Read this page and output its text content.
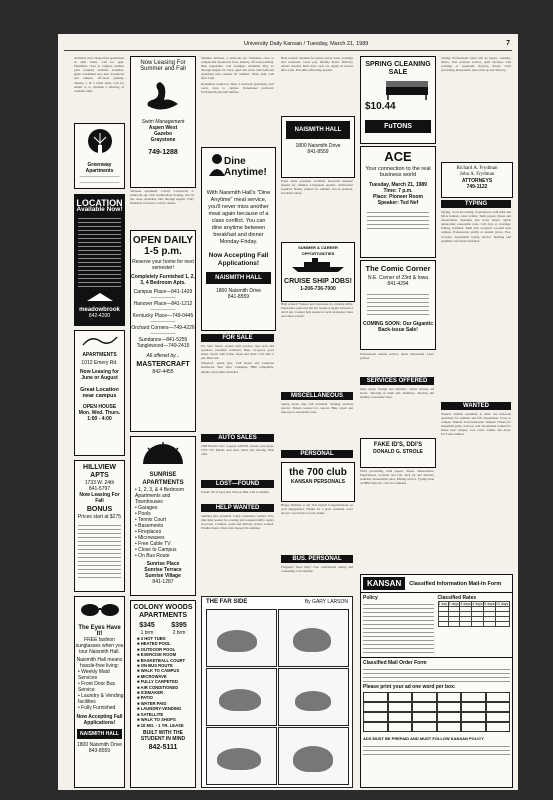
University Daily Kansan / Tuesday, March 21, 1989	7

Available Now. Renovated apartments in older home. Call for appt. Furnished, close to campus, utilities paid. Laundry facilities available. Quiet residential area near downtown and campus, off-street parking. Studios, 1 & 2 bdrm units. Call for details or to schedule a showing of available units.

Greenway Apartments
————————
————————
LOCATION
Available Now!
meadowbrook
842-4200
APARTMENTS
1012 Emery Rd.
Now Leasing for June or August
Great Location near campus
OPEN HOUSE
Mon. Wed. Thurs.
1:00 - 4:00
HILLVIEW APTS
1733 W. 24th
841-5797
Now Leasing For Fall
BONUS
Prices start at $275
The Eyes Have It!
FREE fashion sunglasses when you tour Naismith Hall.
Naismith Hall means hassle-free living:
• Weekly Maid Services
• Front Door Bus Service
• Laundry & Vending facilities
• Fully Furnished
Now Accepting Fall Applications!
NAISMITH HALL
1800 Naismith Drive
843-8559
Now Leasing For Summer and Fall
Swim Management
Aspen West
Gazebo
Graystone
749-1288

Sublease apartment. Luxury 2-bedroom, 2-bathroom apt. with washer/dryer hookup, and on bus route. Available June through August. Fully furnished if desired. Call for details.

OPEN DAILY 1-5 p.m.
Reserve your home for next semester!
Completely Furnished 1, 2, 3, 4 Bedroom Apts.
Campus Place—841-1429
—————
Hanover Place—841-1212
—————
Kentucky Place—749-0445
—————
Orchard Corners—749-4226
—————
Sundance—841-5255
Tanglewood—749-2415
All offered by...
MASTERCRAFT
842-4455
SUNRISE APARTMENTS
• 1, 2, 3, & 4 Bedroom Apartments and Townhouses
• Garages
• Pools
• Tennis Court
• Basements
• Fireplaces
• Microwaves
• Free Cable TV
• Close to Campus
• On Bus Route
Sunrise Place
Sunrise Terrace
Sunrise Village
841-1287
COLONY WOODS APARTMENTS
$345
1 brm
$395
2 brm
■ 3 HOT TUBS
■ HEATED POOL
■ OUTDOOR POOL
■ EXERCISE ROOM
■ BASKETBALL COURT
■ ON BUS ROUTE
■ WALK TO CAMPUS
■ MICROWAVE
■ FULLY CARPETED
■ AIR CONDITIONED
■ ICEMAKER
■ PATIO
■ WATER PAID
■ LAUNDRY-VENDING
■ SATELLITE
■ WALK TO SHOPS
■ 10 MO. - 1 YR. LEASE
BUILT WITH THE STUDENT IN MIND
842-5111

Summer sublease. 2 bedroom apt. furnished, close to campus and downtown. Pool, laundry, off-street parking. Rent negotiable. Call evenings. Available May 15 through August 1st. Nice, quiet and clean. One bedroom apartment near campus for summer. Water paid. Call after 5 pm.

Roommate wanted to share 2 bedroom apartment, own room, close to campus. Nonsmoker preferred. $150/month plus half utilities.

Dine Anytime!
With Naismith Hall's "Dine Anytime" meal service, you'll never miss another meal again because of a class conflict. You can dine anytime between breakfast and dinner Monday-Friday.
Now Accepting Fall Applications!
NAISMITH HALL
1800 Naismith Drive
841-8559
FOR SALE

For Sale: Stereo system with receiver, tape deck and speakers, excellent condition. Bike, 10-speed, good shape. Futon with frame. Desk and chair. Call after 6 pm. Must sell.

Waterbed, queen size, with heater and bookcase headboard. Best offer. Computer, IBM compatible, monitor and printer included.

AUTO SALES

1982 Honda Civic, 5-speed, AM/FM cassette, runs great. 1979 VW Rabbit, new tires. Must sell, moving. Best offer.

LOST—FOUND

Found: Set of keys near Wescoe Hall. Call to identify.

HELP WANTED

Summer jobs available. Camp counselors wanted. Part-time help needed for evening and weekend shifts. Apply in person. Cashiers, cooks and delivery drivers wanted. Flexible hours. Earn extra money this summer.

Help wanted: Students for phone survey work, evenings and weekends. Good pay, flexible hours. Delivery drivers needed, must have own car. Apply in person after 4 pm. Part-time office help needed.

NAISMITH HALL
1800 Naismith Drive
841-8559

Work study positions available. Research assistant needed for summer. Lifeguards needed, certification required. Nanny wanted for summer, live-in position. Excellent salary.

SUMMER & CAREER OPPORTUNITIES
CRUISE SHIP JOBS!
1-206-736-7000

Help wanted: Waiters and waitresses for evening shifts. Experience preferred but not required. Apply between 2 and 4 pm. Counter help needed at local restaurant. Sales associates wanted.

MISCELLANEOUS

Spring break trips still available. Tanning sessions special. Tickets wanted for concert. Bike repair and tune-ups at reasonable rates.

PERSONAL
the 700 club
KANSAN PERSONALS

Happy birthday to my best friend! Congratulations on your engagement. Thanks for a great weekend. Love always. Good luck on your exams.

BUS. PERSONAL

Pregnant? Need help? Free confidential testing and counseling. Call anytime.

SPRING CLEANING SALE
$10.44
FuTONS
ACE
Your connection to the real business world
Tuesday, March 21, 1989
Time: 7 p.m.
Place: Pioneer Room
Speaker: Ted Nef
The Comic Corner
N.E. Corner of 23rd & Iowa
841-4294
COMING SOON: Our Gigantic Back-issue Sale!

Professional resume service, quick turnaround. Laser printed.

SERVICES OFFERED

Auto repair, foreign and domestic. Guitar lessons, all levels. Tutoring in math and chemistry. Moving and hauling, reasonable rates.

FAKE ID'S, DDI'S
DONALD G. STROLE

Word processing, term papers, theses, dissertations. Experienced, accurate and fast. Pick up and delivery available. Reasonable rates. Editing service. Typing done on IBM Selectric. Call for estimates.

Typing: Professional typist will do papers, resumes, letters. Fast accurate service, spell checked. Call evenings or weekends. Reports, theses, word processing. Reasonable rates. Pick up and delivery.

Richard A. Frydman
John A. Frydman
ATTORNEYS
749-1122
TYPING

Typing, word processing. Experienced with APA and MLA formats. Laser printer. Term papers, theses and dissertations. Resumes and cover letters. Quick turnaround, reasonable rates. Call days or evenings. Editing available. Rush jobs accepted. Located near campus. Professional quality at student prices. Fast, accurate, dependable typing service. Spelling and grammar corrections included.

WANTED

Wanted: Female roommate to share two bedroom apartment for summer and fall. Nonsmoker. Close to campus. Wanted: Used textbooks. Wanted: Tickets for basketball game, will pay well. Roommate wanted for house near campus, own room, washer and dryer, $175 plus utilities.

THE FAR SIDE	By GARY LARSON
KANSAN	Classified Information Mail-In Form
Policy	Classified Rates
1 day	2 days	3 days	4 days	5 days	10 days

Classified Mail Order Form
Please print your ad one word per box:
ADS MUST BE PREPAID AND MUST FOLLOW KANSAN POLICY
